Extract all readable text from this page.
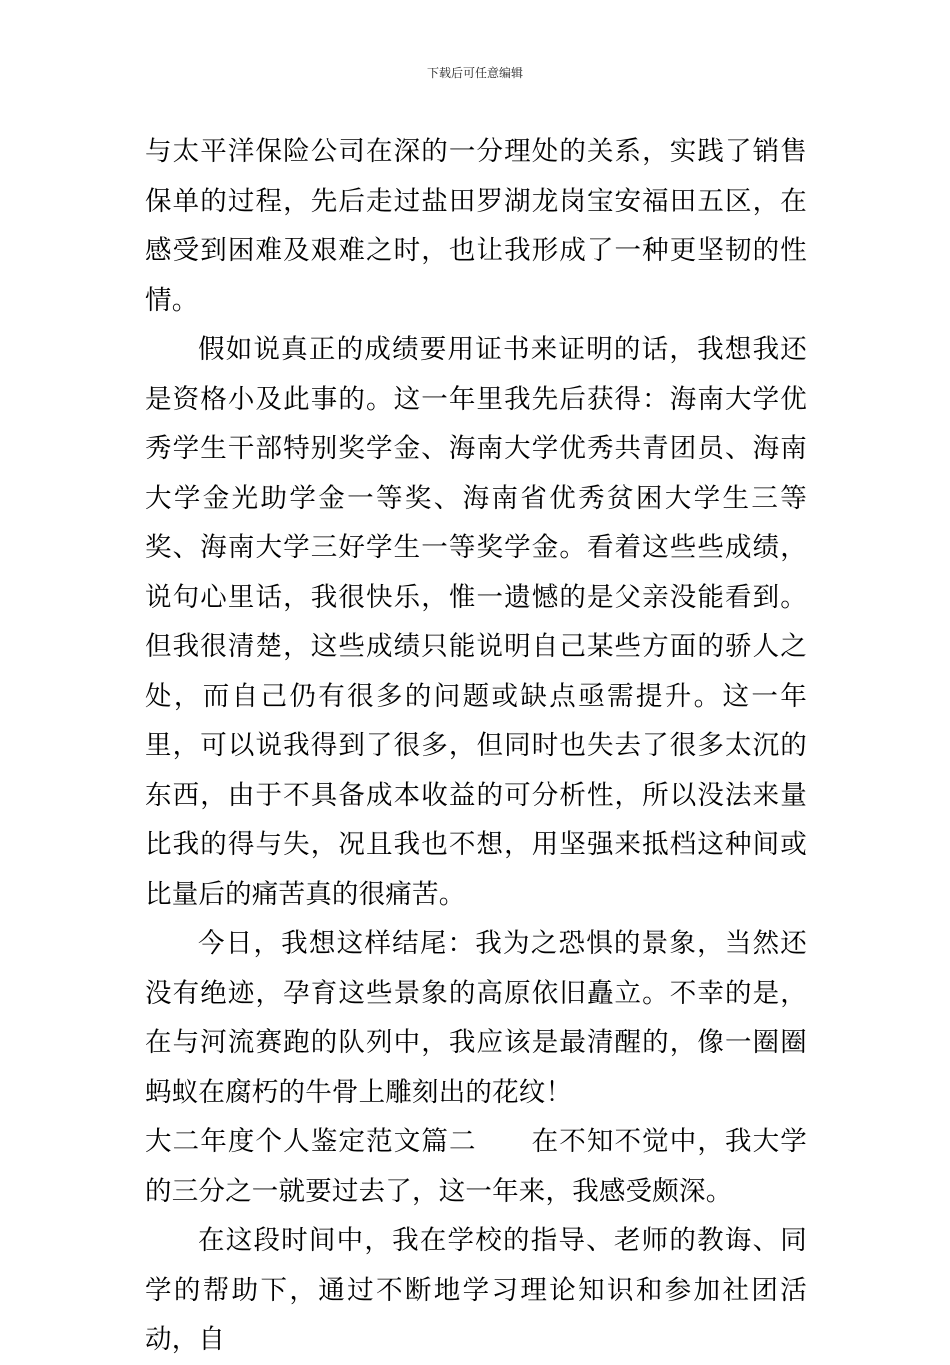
下载后可任意编辑

与太平洋保险公司在深的一分理处的关系，实践了销售保单的过程，先后走过盐田罗湖龙岗宝安福田五区，在感受到困难及艰难之时，也让我形成了一种更坚韧的性情。

假如说真正的成绩要用证书来证明的话，我想我还是资格小及此事的。这一年里我先后获得：海南大学优秀学生干部特别奖学金、海南大学优秀共青团员、海南大学金光助学金一等奖、海南省优秀贫困大学生三等奖、海南大学三好学生一等奖学金。看着这些些成绩，说句心里话，我很快乐，惟一遗憾的是父亲没能看到。但我很清楚，这些成绩只能说明自己某些方面的骄人之处，而自己仍有很多的问题或缺点亟需提升。这一年里，可以说我得到了很多，但同时也失去了很多太沉的东西，由于不具备成本收益的可分析性，所以没法来量比我的得与失，况且我也不想，用坚强来抵档这种间或比量后的痛苦真的很痛苦。

今日，我想这样结尾：我为之恐惧的景象，当然还没有绝迹，孕育这些景象的高原依旧矗立。不幸的是，在与河流赛跑的队列中，我应该是最清醒的，像一圈圈蚂蚁在腐朽的牛骨上雕刻出的花纹！

大二年度个人鉴定范文篇二 在不知不觉中，我大学的三分之一就要过去了，这一年来，我感受颇深。

在这段时间中，我在学校的指导、老师的教诲、同学的帮助下，通过不断地学习理论知识和参加社团活动，自
